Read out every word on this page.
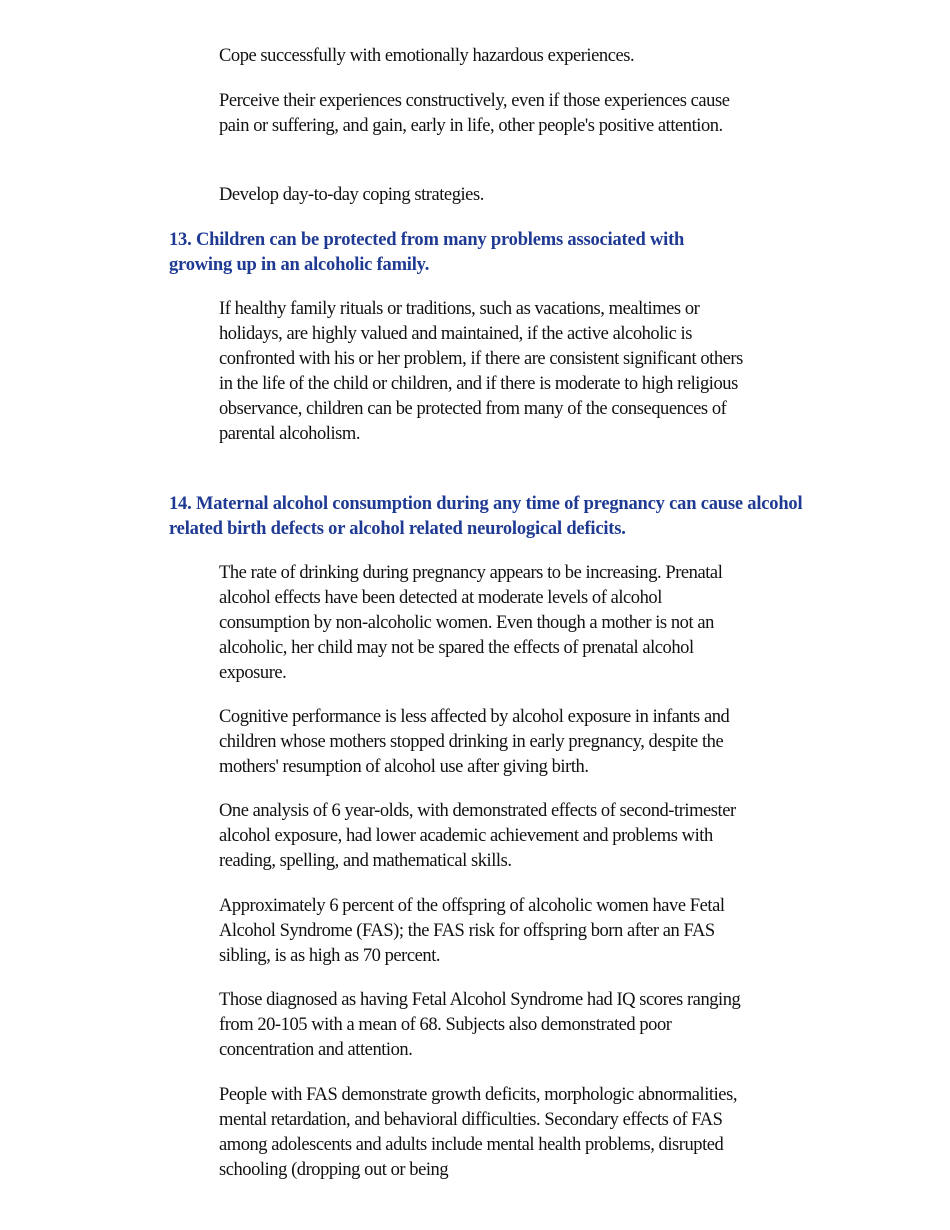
Cope successfully with emotionally hazardous experiences.

Perceive their experiences constructively, even if those experiences cause pain or suffering, and gain, early in life, other people's positive attention.

Develop day-to-day coping strategies.

13. Children can be protected from many problems associated with growing up in an alcoholic family.

If healthy family rituals or traditions, such as vacations, mealtimes or holidays, are highly valued and maintained, if the active alcoholic is confronted with his or her problem, if there are consistent significant others in the life of the child or children, and if there is moderate to high religious observance, children can be protected from many of the consequences of parental alcoholism.

14. Maternal alcohol consumption during any time of pregnancy can cause alcohol related birth defects or alcohol related neurological deficits.

The rate of drinking during pregnancy appears to be increasing. Prenatal alcohol effects have been detected at moderate levels of alcohol consumption by non-alcoholic women. Even though a mother is not an alcoholic, her child may not be spared the effects of prenatal alcohol exposure.

Cognitive performance is less affected by alcohol exposure in infants and children whose mothers stopped drinking in early pregnancy, despite the mothers' resumption of alcohol use after giving birth.

One analysis of 6 year-olds, with demonstrated effects of second-trimester alcohol exposure, had lower academic achievement and problems with reading, spelling, and mathematical skills.

Approximately 6 percent of the offspring of alcoholic women have Fetal Alcohol Syndrome (FAS); the FAS risk for offspring born after an FAS sibling, is as high as 70 percent.

Those diagnosed as having Fetal Alcohol Syndrome had IQ scores ranging from 20-105 with a mean of 68. Subjects also demonstrated poor concentration and attention.

People with FAS demonstrate growth deficits, morphologic abnormalities, mental retardation, and behavioral difficulties. Secondary effects of FAS among adolescents and adults include mental health problems, disrupted schooling (dropping out or being
